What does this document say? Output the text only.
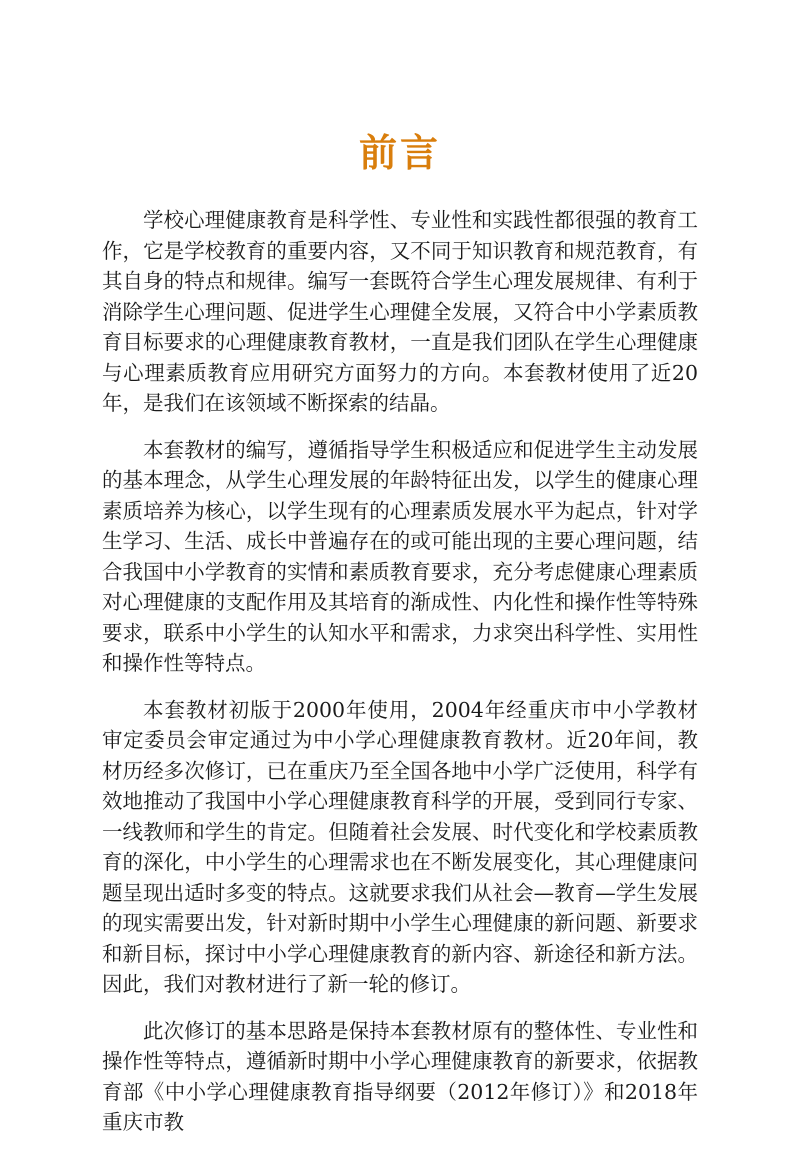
前言

学校心理健康教育是科学性、专业性和实践性都很强的教育工作，它是学校教育的重要内容，又不同于知识教育和规范教育，有其自身的特点和规律。编写一套既符合学生心理发展规律、有利于消除学生心理问题、促进学生心理健全发展，又符合中小学素质教育目标要求的心理健康教育教材，一直是我们团队在学生心理健康与心理素质教育应用研究方面努力的方向。本套教材使用了近20年，是我们在该领域不断探索的结晶。

本套教材的编写，遵循指导学生积极适应和促进学生主动发展的基本理念，从学生心理发展的年龄特征出发，以学生的健康心理素质培养为核心，以学生现有的心理素质发展水平为起点，针对学生学习、生活、成长中普遍存在的或可能出现的主要心理问题，结合我国中小学教育的实情和素质教育要求，充分考虑健康心理素质对心理健康的支配作用及其培育的渐成性、内化性和操作性等特殊要求，联系中小学生的认知水平和需求，力求突出科学性、实用性和操作性等特点。

本套教材初版于2000年使用，2004年经重庆市中小学教材审定委员会审定通过为中小学心理健康教育教材。近20年间，教材历经多次修订，已在重庆乃至全国各地中小学广泛使用，科学有效地推动了我国中小学心理健康教育科学的开展，受到同行专家、一线教师和学生的肯定。但随着社会发展、时代变化和学校素质教育的深化，中小学生的心理需求也在不断发展变化，其心理健康问题呈现出适时多变的特点。这就要求我们从社会—教育—学生发展的现实需要出发，针对新时期中小学生心理健康的新问题、新要求和新目标，探讨中小学心理健康教育的新内容、新途径和新方法。因此，我们对教材进行了新一轮的修订。

此次修订的基本思路是保持本套教材原有的整体性、专业性和操作性等特点，遵循新时期中小学心理健康教育的新要求，依据教育部《中小学心理健康教育指导纲要（2012年修订）》和2018年重庆市教
